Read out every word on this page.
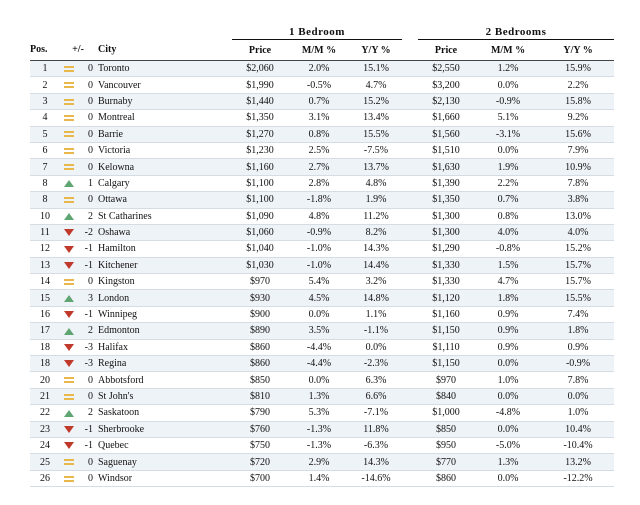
				1 Bedroom				2 Bedrooms		
Pos.	+/-	City		Price	M/M %	Y/Y %		Price	M/M %	Y/Y %
1	0	Toronto		$2,060	2.0%	15.1%		$2,550	1.2%	15.9%
2	0	Vancouver		$1,990	-0.5%	4.7%		$3,200	0.0%	2.2%
3	0	Burnaby		$1,440	0.7%	15.2%		$2,130	-0.9%	15.8%
4	0	Montreal		$1,350	3.1%	13.4%		$1,660	5.1%	9.2%
5	0	Barrie		$1,270	0.8%	15.5%		$1,560	-3.1%	15.6%
6	0	Victoria		$1,230	2.5%	-7.5%		$1,510	0.0%	7.9%
7	0	Kelowna		$1,160	2.7%	13.7%		$1,630	1.9%	10.9%
8	1	Calgary		$1,100	2.8%	4.8%		$1,390	2.2%	7.8%
8	0	Ottawa		$1,100	-1.8%	1.9%		$1,350	0.7%	3.8%
10	2	St Catharines		$1,090	4.8%	11.2%		$1,300	0.8%	13.0%
11	-2	Oshawa		$1,060	-0.9%	8.2%		$1,300	4.0%	4.0%
12	-1	Hamilton		$1,040	-1.0%	14.3%		$1,290	-0.8%	15.2%
13	-1	Kitchener		$1,030	-1.0%	14.4%		$1,330	1.5%	15.7%
14	0	Kingston		$970	5.4%	3.2%		$1,330	4.7%	15.7%
15	3	London		$930	4.5%	14.8%		$1,120	1.8%	15.5%
16	-1	Winnipeg		$900	0.0%	1.1%		$1,160	0.9%	7.4%
17	2	Edmonton		$890	3.5%	-1.1%		$1,150	0.9%	1.8%
18	-3	Halifax		$860	-4.4%	0.0%		$1,110	0.9%	0.9%
18	-3	Regina		$860	-4.4%	-2.3%		$1,150	0.0%	-0.9%
20	0	Abbotsford		$850	0.0%	6.3%		$970	1.0%	7.8%
21	0	St John's		$810	1.3%	6.6%		$840	0.0%	0.0%
22	2	Saskatoon		$790	5.3%	-7.1%		$1,000	-4.8%	1.0%
23	-1	Sherbrooke		$760	-1.3%	11.8%		$850	0.0%	10.4%
24	-1	Quebec		$750	-1.3%	-6.3%		$950	-5.0%	-10.4%
25	0	Saguenay		$720	2.9%	14.3%		$770	1.3%	13.2%
26	0	Windsor		$700	1.4%	-14.6%		$860	0.0%	-12.2%
